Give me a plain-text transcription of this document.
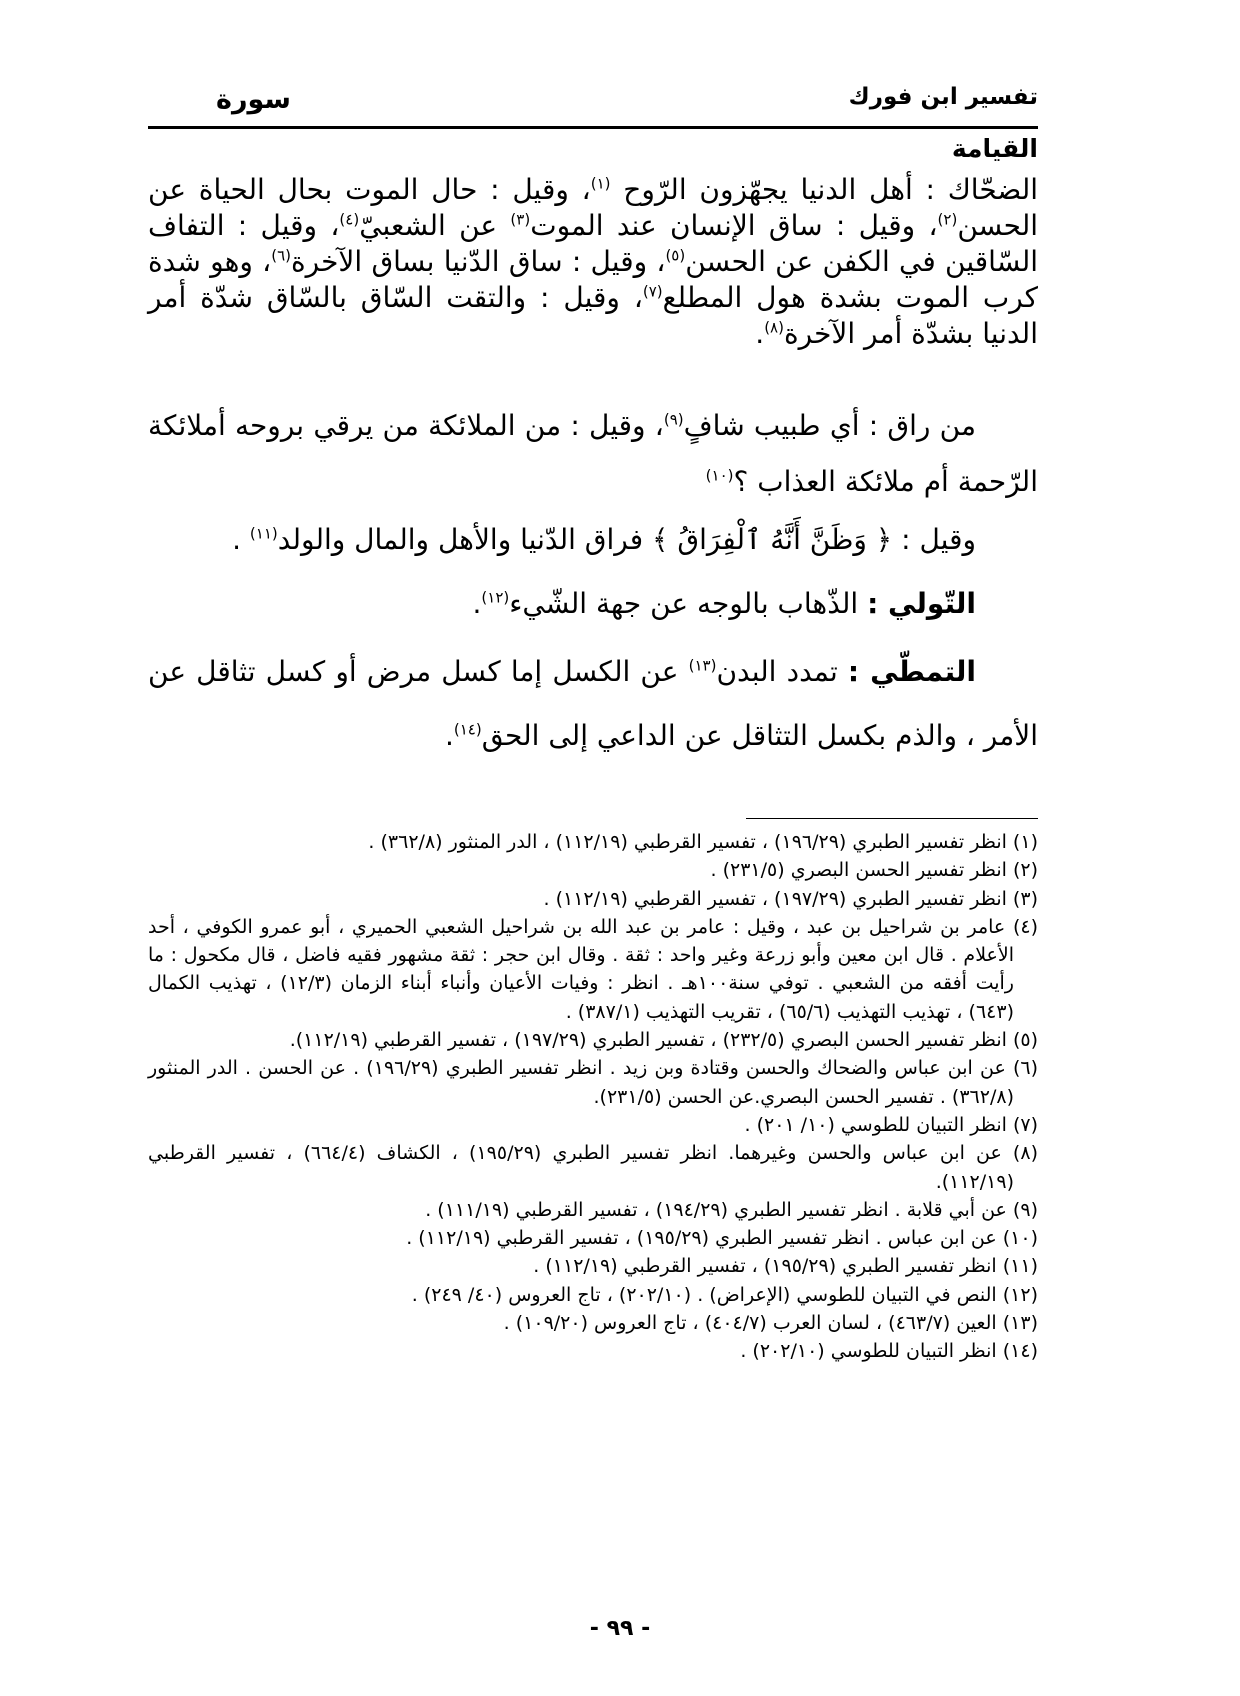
تفسير ابن فورك
سورة
القيامة
الضحّاك : أهل الدنيا يجهّزون الرّوح $^{(١)}$، وقيل : حال الموت بحال الحياة عن الحسن$^{(٢)}$، وقيل : ساق الإنسان عند الموت$^{(٣)}$ عن الشعبيّ$^{(٤)}$، وقيل : التفاف السّاقين في الكفن عن الحسن$^{(٥)}$، وقيل : ساق الدّنيا بساق الآخرة$^{(٦)}$، وهو شدة كرب الموت بشدة هول المطلع$^{(٧)}$، وقيل : والتقت السّاق بالسّاق شدّة أمر الدنيا بشدّة أمر الآخرة$^{(٨)}$.
من راق : أي طبيب شافٍ$^{(٩)}$، وقيل : من الملائكة من يرقي بروحه أملائكة الرّحمة أم ملائكة العذاب ؟$^{(١٠)}$
وقيل : ﴿ وَظَنَّ أَنَّهُ ٱلْفِرَاقُ ﴾ فراق الدّنيا والأهل والمال والولد$^{(١١)}$ .
التّولي : الذّهاب بالوجه عن جهة الشّيء$^{(١٢)}$.
التمطّي : تمدد البدن$^{(١٣)}$ عن الكسل إما كسل مرض أو كسل تثاقل عن الأمر ، والذم بكسل التثاقل عن الداعي إلى الحق$^{(١٤)}$.
(١) انظر تفسير الطبري (١٩٦/٢٩) ، تفسير القرطبي (١١٢/١٩) ، الدر المنثور (٣٦٢/٨) .
(٢) انظر تفسير الحسن البصري (٢٣١/٥) .
(٣) انظر تفسير الطبري (١٩٧/٢٩) ، تفسير القرطبي (١١٢/١٩) .
(٤) عامر بن شراحيل بن عبد ، وقيل : عامر بن عبد الله بن شراحيل الشعبي الحميري ، أبو عمرو الكوفي ، أحد الأعلام . قال ابن معين وأبو زرعة وغير واحد : ثقة . وقال ابن حجر : ثقة مشهور فقيه فاضل ، قال مكحول : ما رأيت أفقه من الشعبي . توفي سنة١٠٠هـ . انظر : وفيات الأعيان وأنباء أبناء الزمان (١٢/٣) ، تهذيب الكمال (٦٤٣) ، تهذيب التهذيب (٦٥/٦) ، تقريب التهذيب (٣٨٧/١) .
(٥) انظر تفسير الحسن البصري (٢٣٢/٥) ، تفسير الطبري (١٩٧/٢٩) ، تفسير القرطبي (١١٢/١٩).
(٦) عن ابن عباس والضحاك والحسن وقتادة وبن زيد . انظر تفسير الطبري (١٩٦/٢٩) . عن الحسن . الدر المنثور (٣٦٢/٨) . تفسير الحسن البصري.عن الحسن (٢٣١/٥).
(٧) انظر التبيان للطوسي (١٠/ ٢٠١) .
(٨) عن ابن عباس والحسن وغيرهما. انظر تفسير الطبري (١٩٥/٢٩) ، الكشاف (٦٦٤/٤) ، تفسير القرطبي (١١٢/١٩).
(٩) عن أبي قلابة . انظر تفسير الطبري (١٩٤/٢٩) ، تفسير القرطبي (١١١/١٩) .
(١٠) عن ابن عباس . انظر تفسير الطبري (١٩٥/٢٩) ، تفسير القرطبي (١١٢/١٩) .
(١١) انظر تفسير الطبري (١٩٥/٢٩) ، تفسير القرطبي (١١٢/١٩) .
(١٢) النص في التبيان للطوسي (الإعراض) . (٢٠٢/١٠) ، تاج العروس (٤٠/ ٢٤٩) .
(١٣) العين (٤٦٣/٧) ، لسان العرب (٤٠٤/٧) ، تاج العروس (١٠٩/٢٠) .
(١٤) انظر التبيان للطوسي (٢٠٢/١٠) .
- ٩٩ -
